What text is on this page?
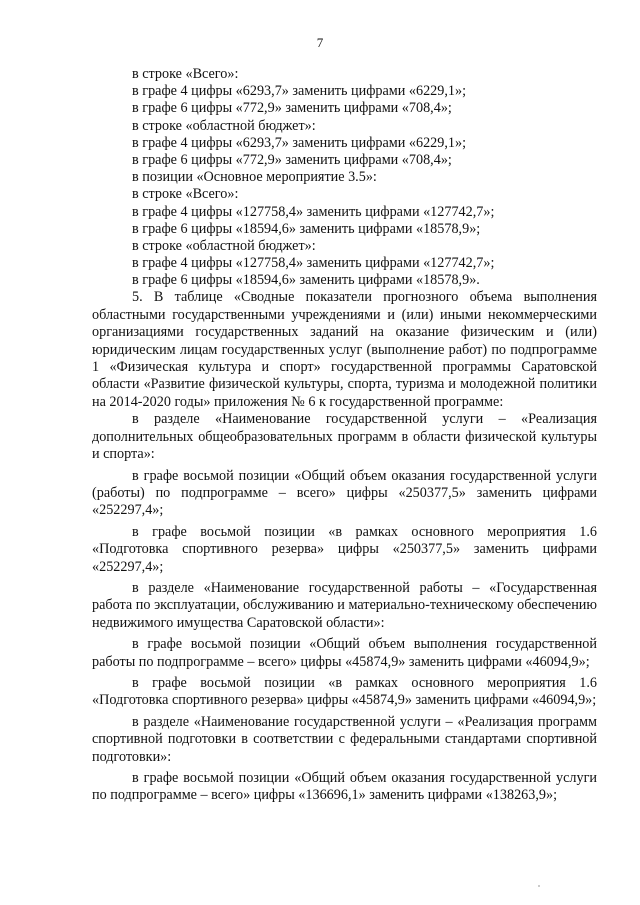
7
в строке «Всего»:
в графе 4 цифры «6293,7» заменить цифрами «6229,1»;
в графе 6 цифры «772,9» заменить цифрами «708,4»;
в строке «областной бюджет»:
в графе 4 цифры «6293,7» заменить цифрами «6229,1»;
в графе 6 цифры «772,9» заменить цифрами «708,4»;
в позиции «Основное мероприятие 3.5»:
в строке «Всего»:
в графе 4 цифры «127758,4» заменить цифрами «127742,7»;
в графе 6 цифры «18594,6» заменить цифрами «18578,9»;
в строке «областной бюджет»:
в графе 4 цифры «127758,4» заменить цифрами «127742,7»;
в графе 6 цифры «18594,6» заменить цифрами «18578,9».
5. В таблице «Сводные показатели прогнозного объема выполнения областными государственными учреждениями и (или) иными некоммерческими организациями государственных заданий на оказание физическим и (или) юридическим лицам государственных услуг (выполнение работ) по подпрограмме 1 «Физическая культура и спорт» государственной программы Саратовской области «Развитие физической культуры, спорта, туризма и молодежной политики на 2014-2020 годы» приложения № 6 к государственной программе:
в разделе «Наименование государственной услуги – «Реализация дополнительных общеобразовательных программ в области физической культуры и спорта»:
в графе восьмой позиции «Общий объем оказания государственной услуги (работы) по подпрограмме – всего» цифры «250377,5» заменить цифрами «252297,4»;
в графе восьмой позиции «в рамках основного мероприятия 1.6 «Подготовка спортивного резерва» цифры «250377,5» заменить цифрами «252297,4»;
в разделе «Наименование государственной работы – «Государственная работа по эксплуатации, обслуживанию и материально-техническому обеспечению недвижимого имущества Саратовской области»:
в графе восьмой позиции «Общий объем выполнения государственной работы по подпрограмме – всего» цифры «45874,9» заменить цифрами «46094,9»;
в графе восьмой позиции «в рамках основного мероприятия 1.6 «Подготовка спортивного резерва» цифры «45874,9» заменить цифрами «46094,9»;
в разделе «Наименование государственной услуги – «Реализация программ спортивной подготовки в соответствии с федеральными стандартами спортивной подготовки»:
в графе восьмой позиции «Общий объем оказания государственной услуги по подпрограмме – всего» цифры «136696,1» заменить цифрами «138263,9»;
